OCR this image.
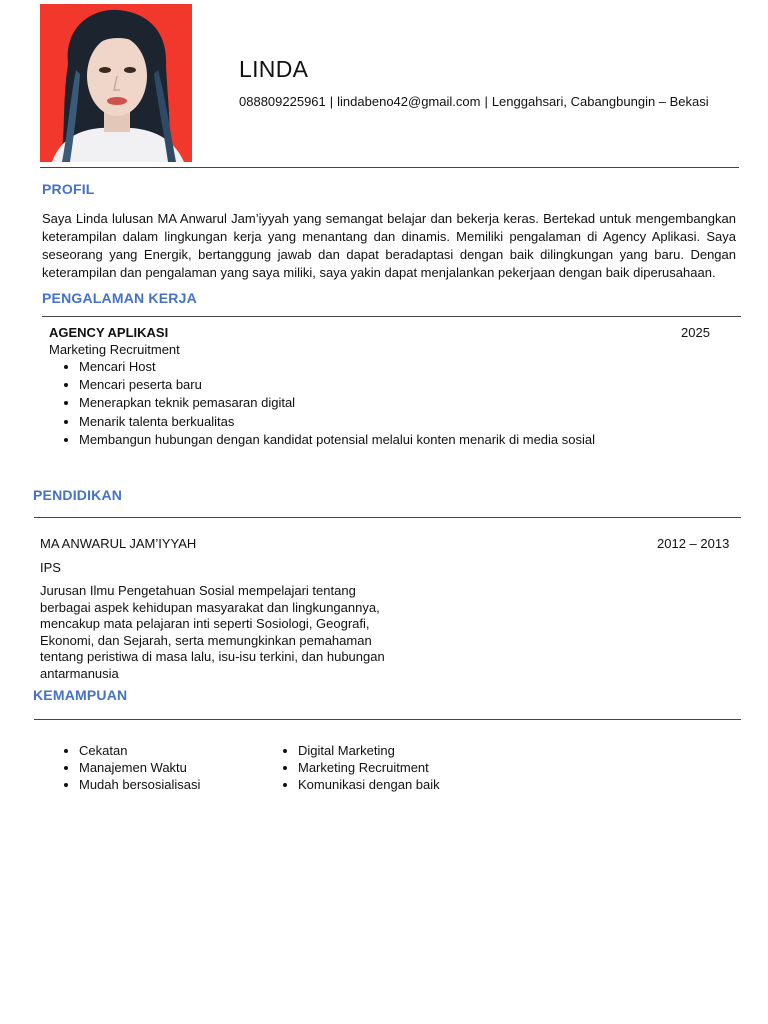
LINDA
088809225961 | lindabeno42@gmail.com | Lenggahsari, Cabangbungin – Bekasi
PROFIL
Saya Linda lulusan MA Anwarul Jam’iyyah yang semangat belajar dan bekerja keras. Bertekad untuk mengembangkan keterampilan dalam lingkungan kerja yang menantang dan dinamis. Memiliki pengalaman di Agency Aplikasi. Saya seseorang yang Energik, bertanggung jawab dan dapat beradaptasi dengan baik dilingkungan yang baru. Dengan keterampilan dan pengalaman yang saya miliki, saya yakin dapat menjalankan pekerjaan dengan baik diperusahaan.
PENGALAMAN KERJA
AGENCY APLIKASI	2025
Marketing Recruitment
• Mencari Host
• Mencari peserta baru
• Menerapkan teknik pemasaran digital
• Menarik talenta berkualitas
• Membangun hubungan dengan kandidat potensial melalui konten menarik di media sosial
PENDIDIKAN
MA ANWARUL JAM’IYYAH	2012 – 2013
IPS
Jurusan Ilmu Pengetahuan Sosial mempelajari tentang berbagai aspek kehidupan masyarakat dan lingkungannya, mencakup mata pelajaran inti seperti Sosiologi, Geografi, Ekonomi, dan Sejarah, serta memungkinkan pemahaman tentang peristiwa di masa lalu, isu-isu terkini, dan hubungan antarmanusia
KEMAMPUAN
• Cekatan
• Manajemen Waktu
• Mudah bersosialisasi
• Digital Marketing
• Marketing Recruitment
• Komunikasi dengan baik
